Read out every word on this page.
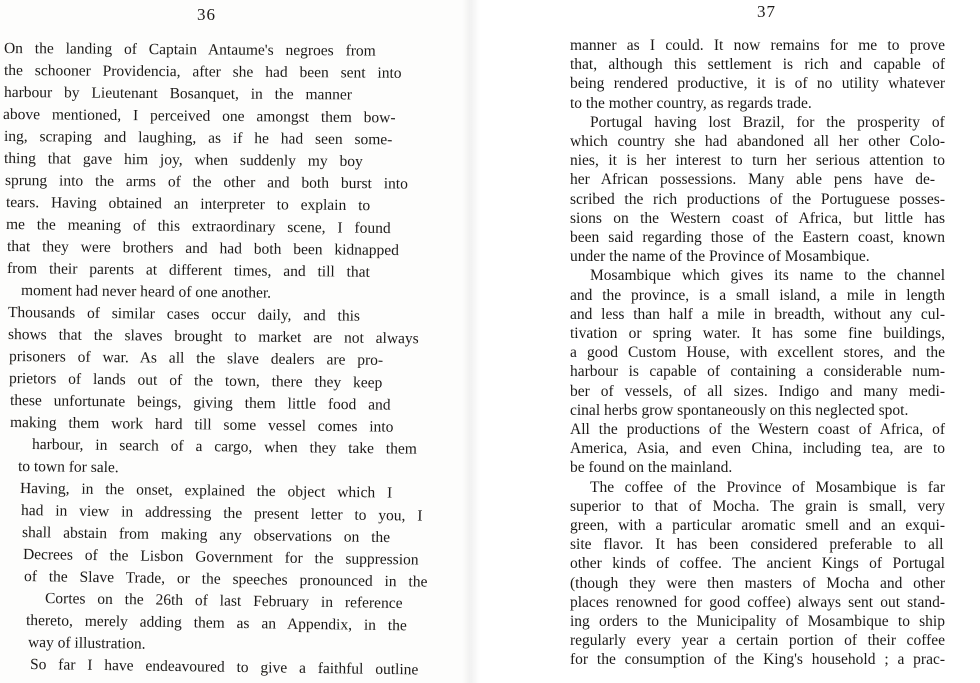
36

On the landing of Captain Antaume's negroes from

the schooner Providencia, after she had been sent into

harbour by Lieutenant Bosanquet, in the manner

above mentioned, I perceived one amongst them bow-

ing, scraping and laughing, as if he had seen some-

thing that gave him joy, when suddenly my boy

sprung into the arms of the other and both burst into

tears. Having obtained an interpreter to explain to

me the meaning of this extraordinary scene, I found

that they were brothers and had both been kidnapped

from their parents at different times, and till that

moment had never heard of one another.

Thousands of similar cases occur daily, and this

shows that the slaves brought to market are not always

prisoners of war. As all the slave dealers are pro-

prietors of lands out of the town, there they keep

these unfortunate beings, giving them little food and

making them work hard till some vessel comes into

harbour, in search of a cargo, when they take them

to town for sale.

Having, in the onset, explained the object which I

had in view in addressing the present letter to you, I

shall abstain from making any observations on the

Decrees of the Lisbon Government for the suppression

of the Slave Trade, or the speeches pronounced in the

Cortes on the 26th of last February in reference

thereto, merely adding them as an Appendix, in the

way of illustration.

So far I have endeavoured to give a faithful outline

37

manner as I could. It now remains for me to prove

that, although this settlement is rich and capable of

being rendered productive, it is of no utility whatever

to the mother country, as regards trade.

Portugal having lost Brazil, for the prosperity of

which country she had abandoned all her other Colo-

nies, it is her interest to turn her serious attention to

her African possessions. Many able pens have de-

scribed the rich productions of the Portuguese posses-

sions on the Western coast of Africa, but little has

been said regarding those of the Eastern coast, known

under the name of the Province of Mosambique.

Mosambique which gives its name to the channel

and the province, is a small island, a mile in length

and less than half a mile in breadth, without any cul-

tivation or spring water. It has some fine buildings,

a good Custom House, with excellent stores, and the

harbour is capable of containing a considerable num-

ber of vessels, of all sizes. Indigo and many medi-

cinal herbs grow spontaneously on this neglected spot.

All the productions of the Western coast of Africa, of

America, Asia, and even China, including tea, are to

be found on the mainland.

The coffee of the Province of Mosambique is far

superior to that of Mocha. The grain is small, very

green, with a particular aromatic smell and an exqui-

site flavor. It has been considered preferable to all

other kinds of coffee. The ancient Kings of Portugal

(though they were then masters of Mocha and other

places renowned for good coffee) always sent out stand-

ing orders to the Municipality of Mosambique to ship

regularly every year a certain portion of their coffee

for the consumption of the King's household ; a prac-
